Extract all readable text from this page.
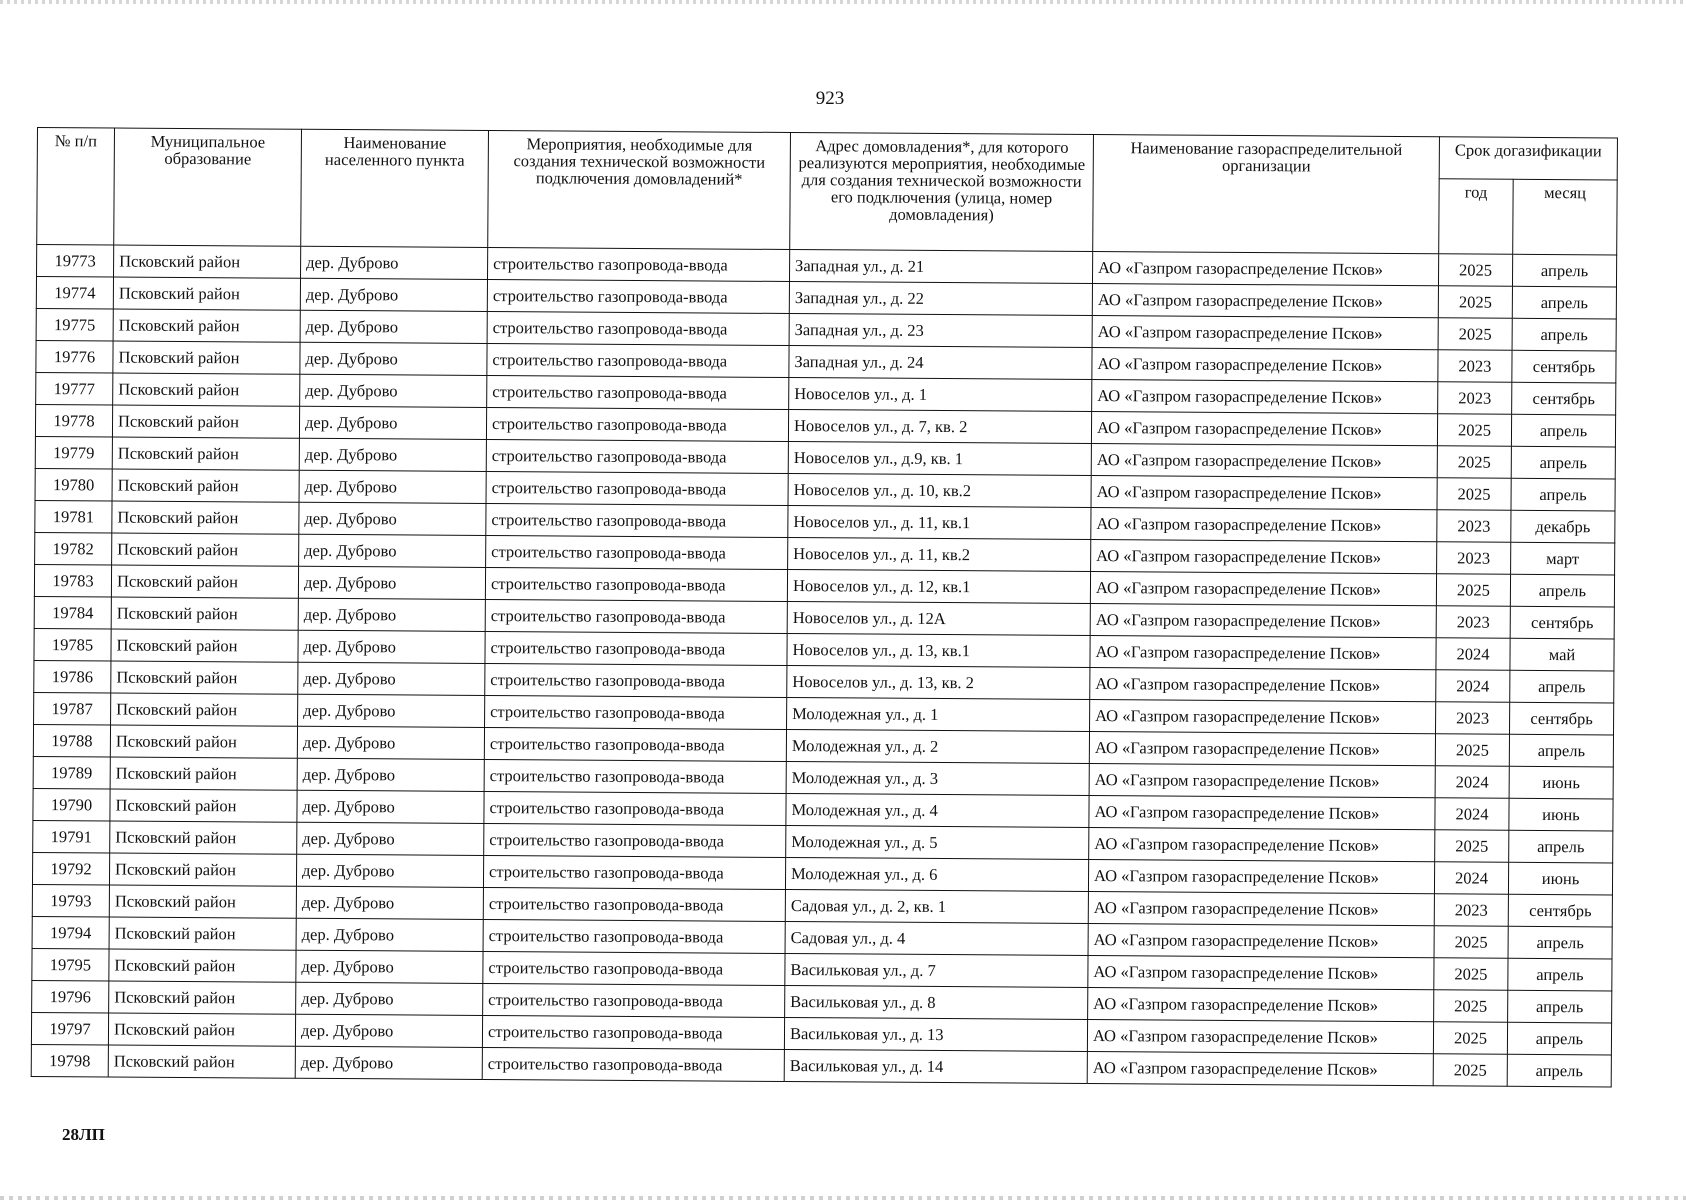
923
№ п/п	Муниципальное образование	Наименование населенного пункта	Мероприятия, необходимые для создания технической возможности подключения домовладений*	Адрес домовладения*, для которого реализуются мероприятия, необходимые для создания технической возможности его подключения (улица, номер домовладения)	Наименование газораспределительной организации	Срок догазификации	
						год	месяц
19773	Псковский район	дер. Дуброво	строительство газопровода-ввода	Западная ул., д. 21	АО «Газпром газораспределение Псков»	2025	апрель
19774	Псковский район	дер. Дуброво	строительство газопровода-ввода	Западная ул., д. 22	АО «Газпром газораспределение Псков»	2025	апрель
19775	Псковский район	дер. Дуброво	строительство газопровода-ввода	Западная ул., д. 23	АО «Газпром газораспределение Псков»	2025	апрель
19776	Псковский район	дер. Дуброво	строительство газопровода-ввода	Западная ул., д. 24	АО «Газпром газораспределение Псков»	2023	сентябрь
19777	Псковский район	дер. Дуброво	строительство газопровода-ввода	Новоселов ул., д. 1	АО «Газпром газораспределение Псков»	2023	сентябрь
19778	Псковский район	дер. Дуброво	строительство газопровода-ввода	Новоселов ул., д. 7, кв. 2	АО «Газпром газораспределение Псков»	2025	апрель
19779	Псковский район	дер. Дуброво	строительство газопровода-ввода	Новоселов ул., д.9, кв. 1	АО «Газпром газораспределение Псков»	2025	апрель
19780	Псковский район	дер. Дуброво	строительство газопровода-ввода	Новоселов ул., д. 10, кв.2	АО «Газпром газораспределение Псков»	2025	апрель
19781	Псковский район	дер. Дуброво	строительство газопровода-ввода	Новоселов ул., д. 11, кв.1	АО «Газпром газораспределение Псков»	2023	декабрь
19782	Псковский район	дер. Дуброво	строительство газопровода-ввода	Новоселов ул., д. 11, кв.2	АО «Газпром газораспределение Псков»	2023	март
19783	Псковский район	дер. Дуброво	строительство газопровода-ввода	Новоселов ул., д. 12, кв.1	АО «Газпром газораспределение Псков»	2025	апрель
19784	Псковский район	дер. Дуброво	строительство газопровода-ввода	Новоселов ул., д. 12А	АО «Газпром газораспределение Псков»	2023	сентябрь
19785	Псковский район	дер. Дуброво	строительство газопровода-ввода	Новоселов ул., д. 13, кв.1	АО «Газпром газораспределение Псков»	2024	май
19786	Псковский район	дер. Дуброво	строительство газопровода-ввода	Новоселов ул., д. 13, кв. 2	АО «Газпром газораспределение Псков»	2024	апрель
19787	Псковский район	дер. Дуброво	строительство газопровода-ввода	Молодежная ул., д. 1	АО «Газпром газораспределение Псков»	2023	сентябрь
19788	Псковский район	дер. Дуброво	строительство газопровода-ввода	Молодежная ул., д. 2	АО «Газпром газораспределение Псков»	2025	апрель
19789	Псковский район	дер. Дуброво	строительство газопровода-ввода	Молодежная ул., д. 3	АО «Газпром газораспределение Псков»	2024	июнь
19790	Псковский район	дер. Дуброво	строительство газопровода-ввода	Молодежная ул., д. 4	АО «Газпром газораспределение Псков»	2024	июнь
19791	Псковский район	дер. Дуброво	строительство газопровода-ввода	Молодежная ул., д. 5	АО «Газпром газораспределение Псков»	2025	апрель
19792	Псковский район	дер. Дуброво	строительство газопровода-ввода	Молодежная ул., д. 6	АО «Газпром газораспределение Псков»	2024	июнь
19793	Псковский район	дер. Дуброво	строительство газопровода-ввода	Садовая ул., д. 2, кв. 1	АО «Газпром газораспределение Псков»	2023	сентябрь
19794	Псковский район	дер. Дуброво	строительство газопровода-ввода	Садовая ул., д. 4	АО «Газпром газораспределение Псков»	2025	апрель
19795	Псковский район	дер. Дуброво	строительство газопровода-ввода	Васильковая ул., д. 7	АО «Газпром газораспределение Псков»	2025	апрель
19796	Псковский район	дер. Дуброво	строительство газопровода-ввода	Васильковая ул., д. 8	АО «Газпром газораспределение Псков»	2025	апрель
19797	Псковский район	дер. Дуброво	строительство газопровода-ввода	Васильковая ул., д. 13	АО «Газпром газораспределение Псков»	2025	апрель
19798	Псковский район	дер. Дуброво	строительство газопровода-ввода	Васильковая ул., д. 14	АО «Газпром газораспределение Псков»	2025	апрель
28ЛП
